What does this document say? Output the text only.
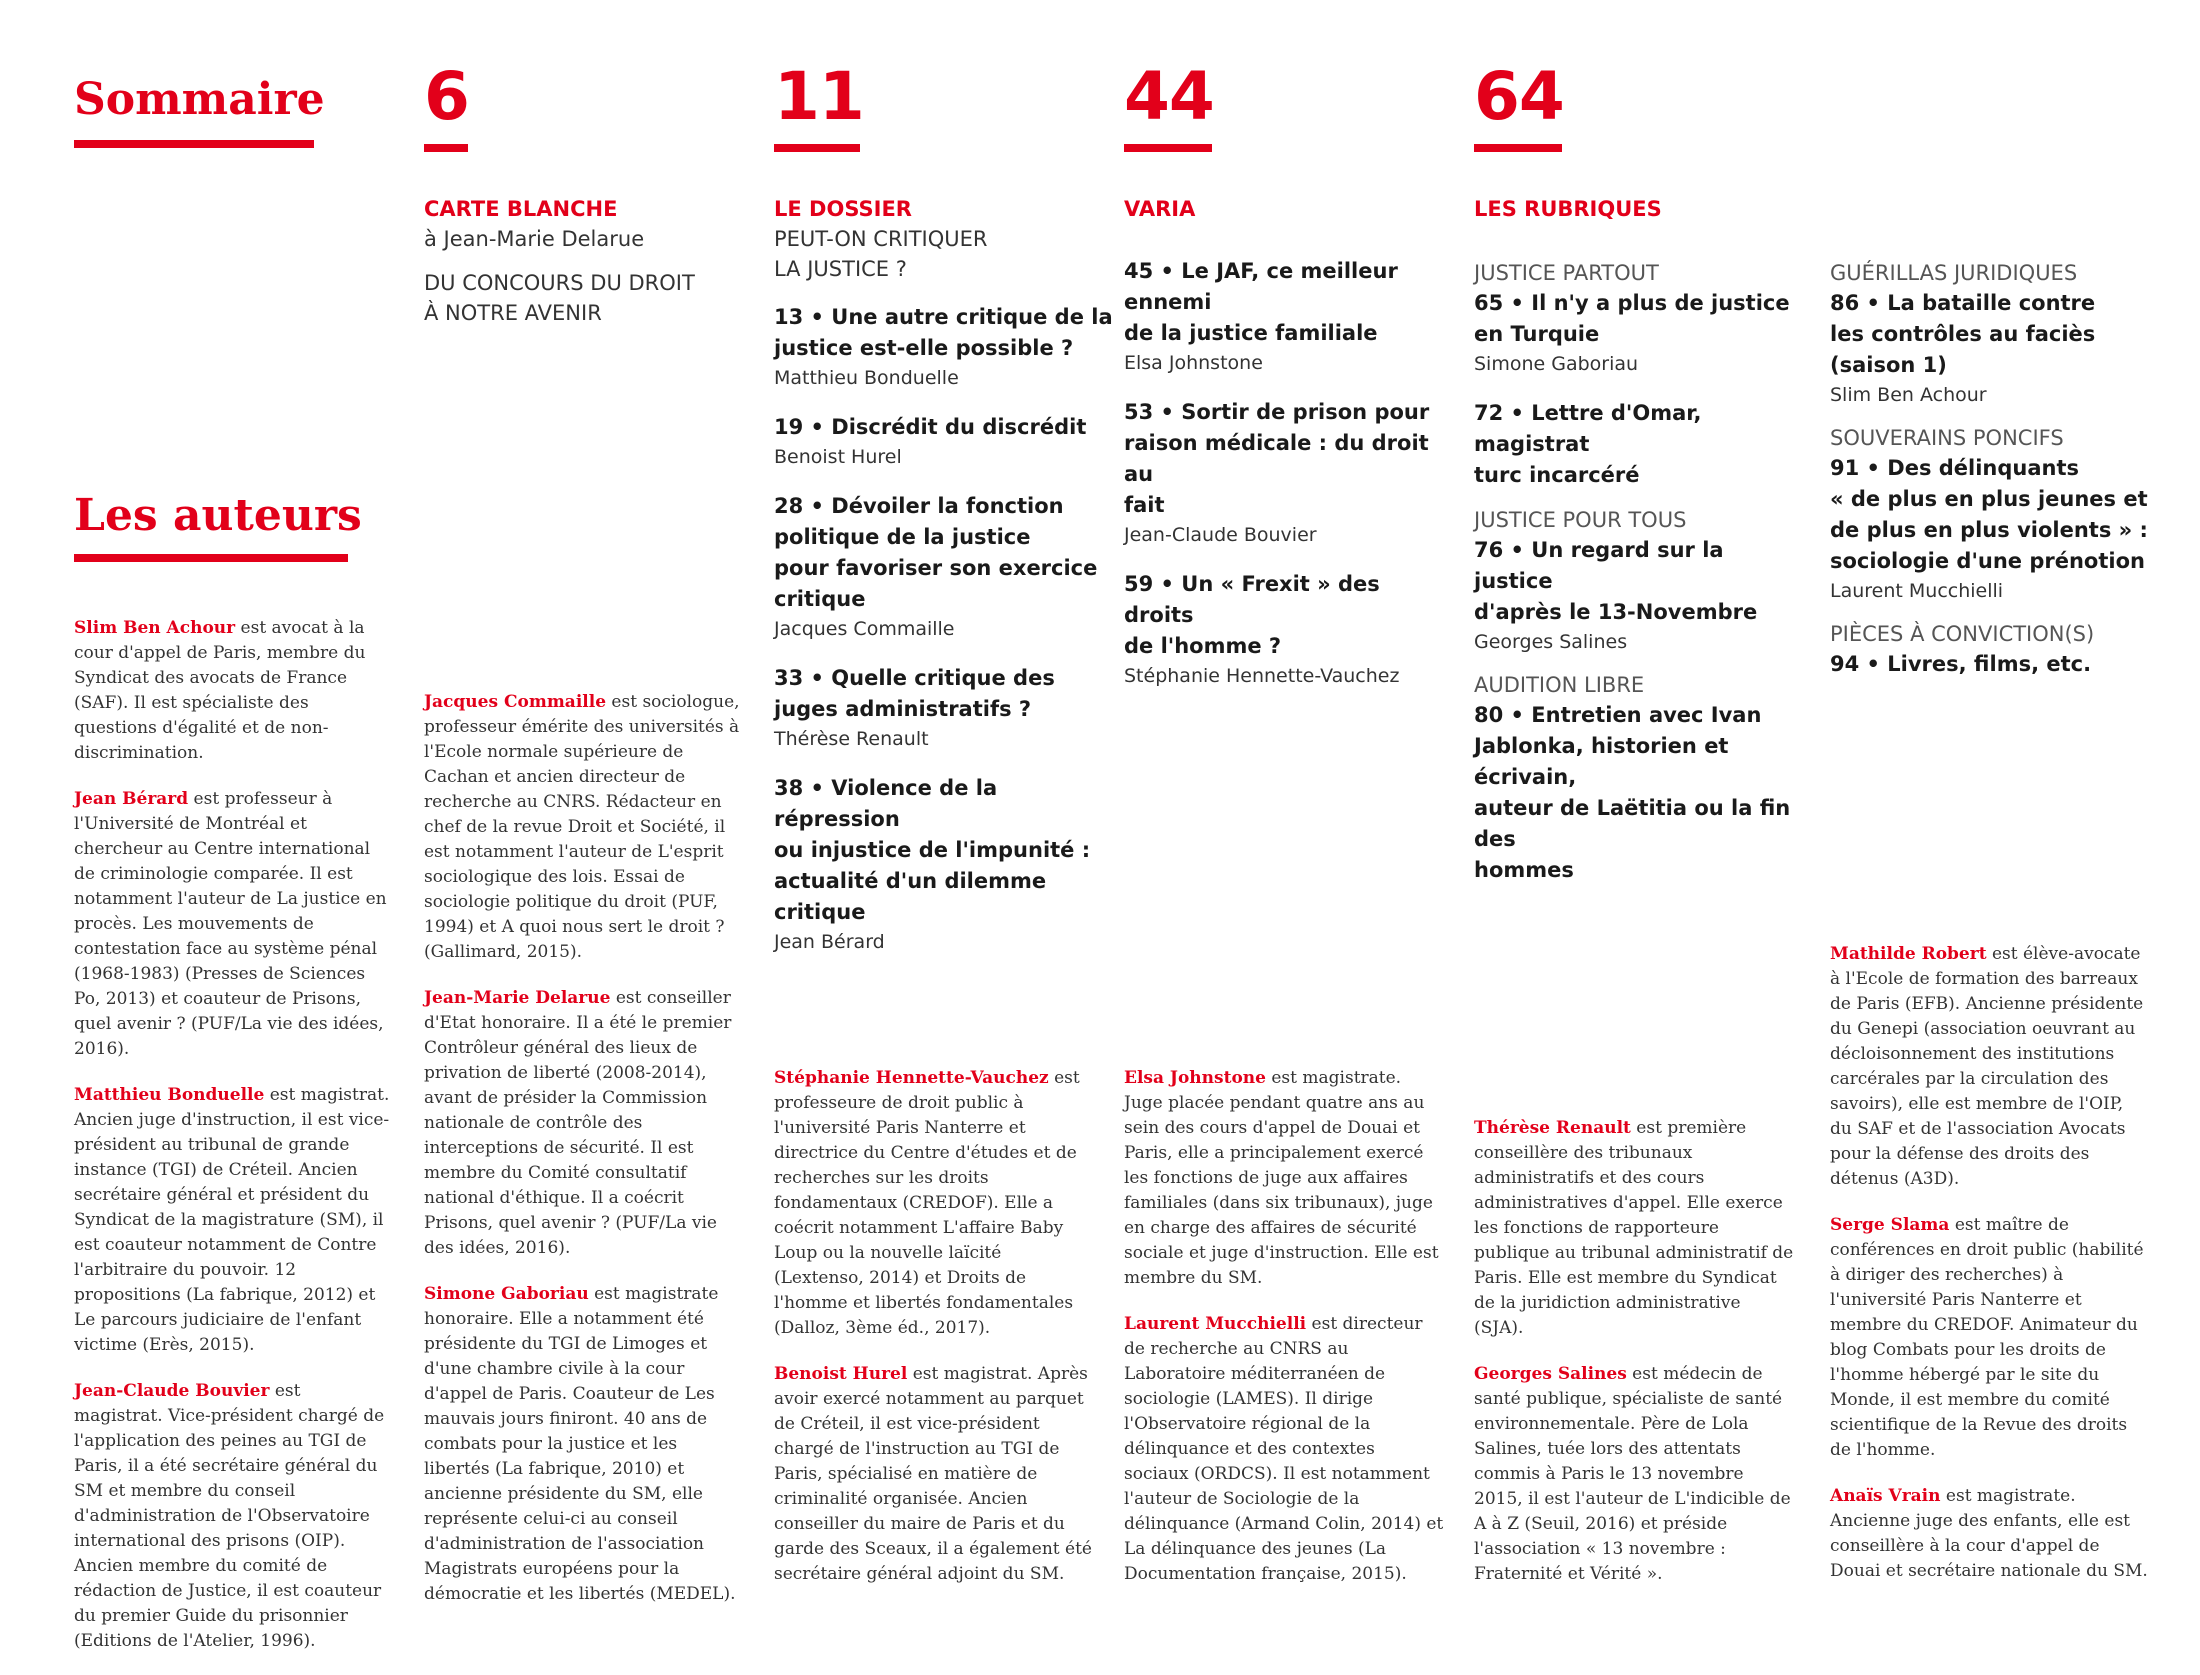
Sommaire 6

CARTE BLANCHE

à Jean-Marie Delarue

DU CONCOURS DU DROIT

À NOTRE AVENIR

11

LE DOSSIER

PEUT-ON CRITIQUER

LA JUSTICE ?

13 • Une autre critique de la

justice est-elle possible ?

Matthieu Bonduelle

19 • Discrédit du discrédit

Benoist Hurel

28 • Dévoiler la fonction

politique de la justice

pour favoriser son exercice

critique

Jacques Commaille

33 • Quelle critique des

juges administratifs ?

Thérèse Renault

38 • Violence de la répression

ou injustice de l'impunité :

actualité d'un dilemme critique

Jean Bérard

44

VARIA

45 • Le JAF, ce meilleur ennemi

de la justice familiale

Elsa Johnstone

53 • Sortir de prison pour

raison médicale : du droit au

fait

Jean-Claude Bouvier

59 • Un « Frexit » des droits

de l'homme ?

Stéphanie Hennette-Vauchez

64

LES RUBRIQUES

JUSTICE PARTOUT

65 • Il n'y a plus de justice

en Turquie

Simone Gaboriau

72 • Lettre d'Omar, magistrat

turc incarcéré

JUSTICE POUR TOUS

76 • Un regard sur la justice

d'après le 13-Novembre

Georges Salines

AUDITION LIBRE

80 • Entretien avec Ivan

Jablonka, historien et écrivain,

auteur de Laëtitia ou la fin des

hommes

GUÉRILLAS JURIDIQUES

86 • La bataille contre

les contrôles au faciès

(saison 1)

Slim Ben Achour

SOUVERAINS PONCIFS

91 • Des délinquants

« de plus en plus jeunes et

de plus en plus violents » :

sociologie d'une prénotion

Laurent Mucchielli

PIÈCES À CONVICTION(S)

94 • Livres, films, etc.

Les auteurs

Slim Ben Achour est avocat à la cour d'appel de Paris, membre du Syndicat des avocats de France (SAF). Il est spécialiste des questions d'égalité et de non-discrimination.

Jean Bérard est professeur à l'Université de Montréal et chercheur au Centre international de criminologie comparée. Il est notamment l'auteur de La justice en procès. Les mouvements de contestation face au système pénal (1968-1983) (Presses de Sciences Po, 2013) et coauteur de Prisons, quel avenir ? (PUF/La vie des idées, 2016).

Matthieu Bonduelle est magistrat. Ancien juge d'instruction, il est vice-président au tribunal de grande instance (TGI) de Créteil. Ancien secrétaire général et président du Syndicat de la magistrature (SM), il est coauteur notamment de Contre l'arbitraire du pouvoir. 12 propositions (La fabrique, 2012) et Le parcours judiciaire de l'enfant victime (Erès, 2015).

Jean-Claude Bouvier est magistrat. Vice-président chargé de l'application des peines au TGI de Paris, il a été secrétaire général du SM et membre du conseil d'administration de l'Observatoire international des prisons (OIP). Ancien membre du comité de rédaction de Justice, il est coauteur du premier Guide du prisonnier (Editions de l'Atelier, 1996).

Jacques Commaille est sociologue, professeur émérite des universités à l'Ecole normale supérieure de Cachan et ancien directeur de recherche au CNRS. Rédacteur en chef de la revue Droit et Société, il est notamment l'auteur de L'esprit sociologique des lois. Essai de sociologie politique du droit (PUF, 1994) et A quoi nous sert le droit ? (Gallimard, 2015).

Jean-Marie Delarue est conseiller d'Etat honoraire. Il a été le premier Contrôleur général des lieux de privation de liberté (2008-2014), avant de présider la Commission nationale de contrôle des interceptions de sécurité. Il est membre du Comité consultatif national d'éthique. Il a coécrit Prisons, quel avenir ? (PUF/La vie des idées, 2016).

Simone Gaboriau est magistrate honoraire. Elle a notamment été présidente du TGI de Limoges et d'une chambre civile à la cour d'appel de Paris. Coauteur de Les mauvais jours finiront. 40 ans de combats pour la justice et les libertés (La fabrique, 2010) et ancienne présidente du SM, elle représente celui-ci au conseil d'administration de l'association Magistrats européens pour la démocratie et les libertés (MEDEL).

Stéphanie Hennette-Vauchez est professeure de droit public à l'université Paris Nanterre et directrice du Centre d'études et de recherches sur les droits fondamentaux (CREDOF). Elle a coécrit notamment L'affaire Baby Loup ou la nouvelle laïcité (Lextenso, 2014) et Droits de l'homme et libertés fondamentales (Dalloz, 3ème éd., 2017).

Benoist Hurel est magistrat. Après avoir exercé notamment au parquet de Créteil, il est vice-président chargé de l'instruction au TGI de Paris, spécialisé en matière de criminalité organisée. Ancien conseiller du maire de Paris et du garde des Sceaux, il a également été secrétaire général adjoint du SM.

Elsa Johnstone est magistrate. Juge placée pendant quatre ans au sein des cours d'appel de Douai et Paris, elle a principalement exercé les fonctions de juge aux affaires familiales (dans six tribunaux), juge en charge des affaires de sécurité sociale et juge d'instruction. Elle est membre du SM.

Laurent Mucchielli est directeur de recherche au CNRS au Laboratoire méditerranéen de sociologie (LAMES). Il dirige l'Observatoire régional de la délinquance et des contextes sociaux (ORDCS). Il est notamment l'auteur de Sociologie de la délinquance (Armand Colin, 2014) et La délinquance des jeunes (La Documentation française, 2015).

Thérèse Renault est première conseillère des tribunaux administratifs et des cours administratives d'appel. Elle exerce les fonctions de rapporteure publique au tribunal administratif de Paris. Elle est membre du Syndicat de la juridiction administrative (SJA).

Georges Salines est médecin de santé publique, spécialiste de santé environnementale. Père de Lola Salines, tuée lors des attentats commis à Paris le 13 novembre 2015, il est l'auteur de L'indicible de A à Z (Seuil, 2016) et préside l'association « 13 novembre : Fraternité et Vérité ».

Mathilde Robert est élève-avocate à l'Ecole de formation des barreaux de Paris (EFB). Ancienne présidente du Genepi (association oeuvrant au décloisonnement des institutions carcérales par la circulation des savoirs), elle est membre de l'OIP, du SAF et de l'association Avocats pour la défense des droits des détenus (A3D).

Serge Slama est maître de conférences en droit public (habilité à diriger des recherches) à l'université Paris Nanterre et membre du CREDOF. Animateur du blog Combats pour les droits de l'homme hébergé par le site du Monde, il est membre du comité scientifique de la Revue des droits de l'homme.

Anaïs Vrain est magistrate. Ancienne juge des enfants, elle est conseillère à la cour d'appel de Douai et secrétaire nationale du SM.
